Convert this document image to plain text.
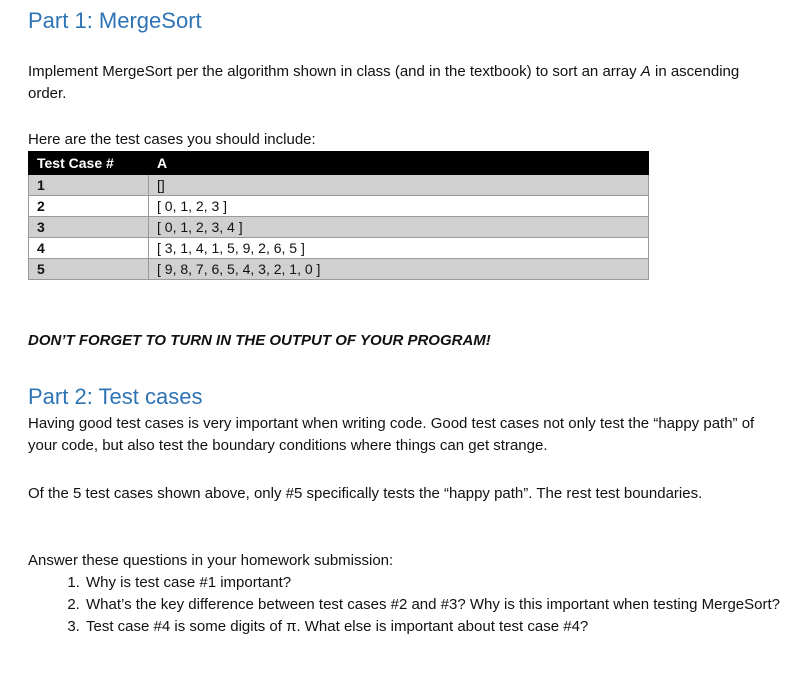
Part 1: MergeSort

Implement MergeSort per the algorithm shown in class (and in the textbook) to sort an array A in ascending order.

Here are the test cases you should include:

Test Case #	A
1	[]
2	[ 0, 1, 2, 3 ]
3	[ 0, 1, 2, 3, 4 ]
4	[ 3, 1, 4, 1, 5, 9, 2, 6, 5 ]
5	[ 9, 8, 7, 6, 5, 4, 3, 2, 1, 0 ]

DON’T FORGET TO TURN IN THE OUTPUT OF YOUR PROGRAM!

Part 2: Test cases

Having good test cases is very important when writing code. Good test cases not only test the “happy path” of your code, but also test the boundary conditions where things can get strange.

Of the 5 test cases shown above, only #5 specifically tests the “happy path”. The rest test boundaries.

Answer these questions in your homework submission:

1. Why is test case #1 important?
2. What’s the key difference between test cases #2 and #3? Why is this important when testing MergeSort?
3. Test case #4 is some digits of π. What else is important about test case #4?
